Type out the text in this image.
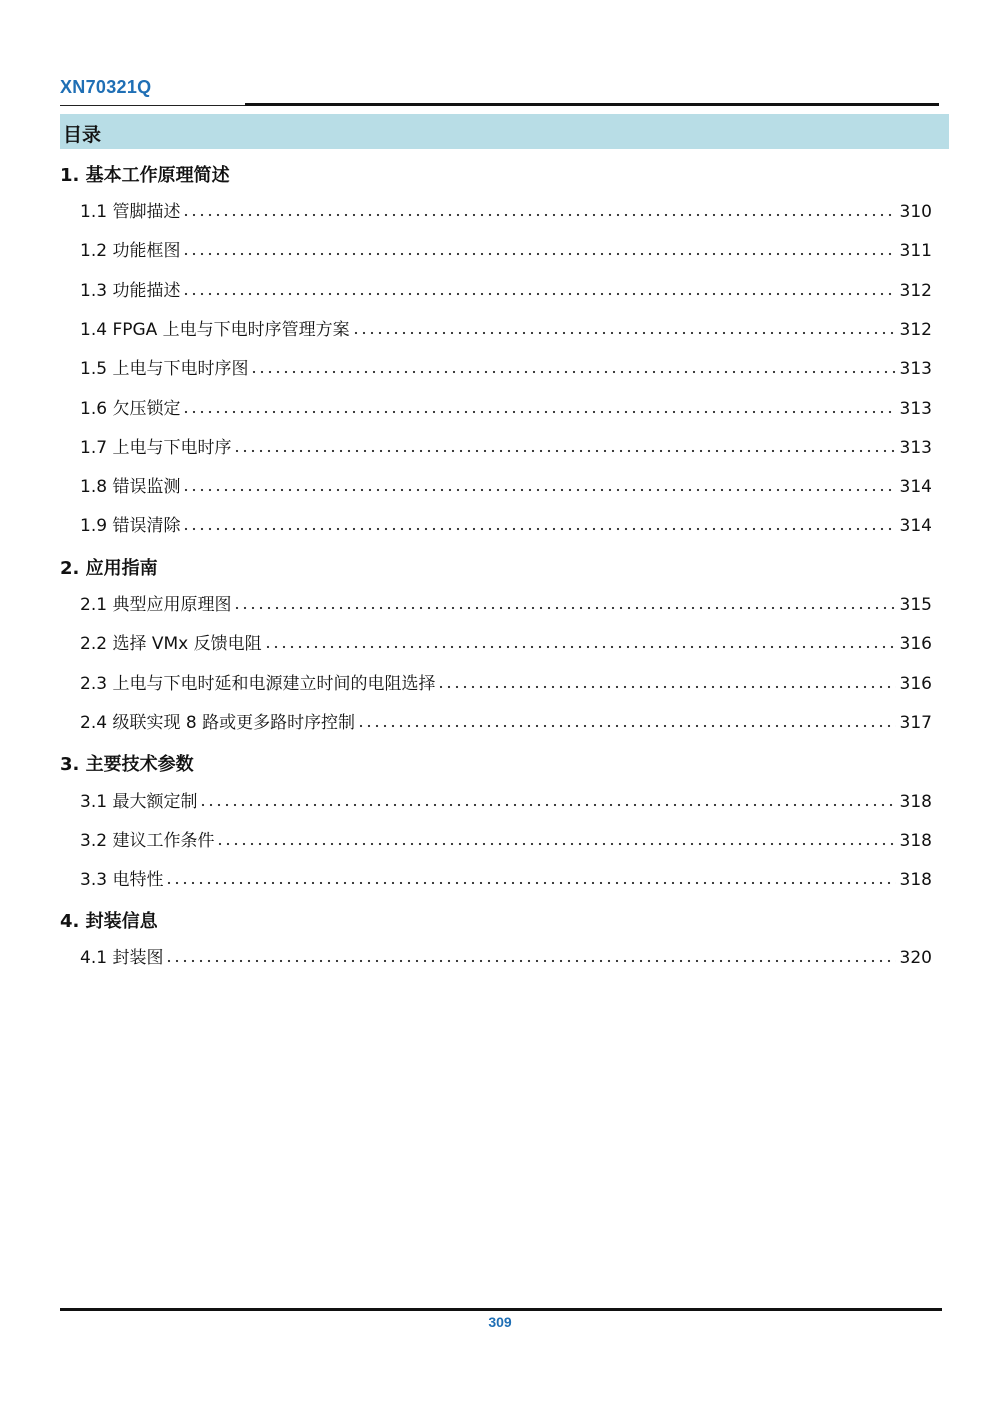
XN70321Q
目录
1. 基本工作原理简述
1.1 管脚描述	310
1.2 功能框图	311
1.3 功能描述	312
1.4 FPGA 上电与下电时序管理方案	312
1.5 上电与下电时序图	313
1.6 欠压锁定	313
1.7 上电与下电时序	313
1.8 错误监测	314
1.9 错误清除	314
2. 应用指南
2.1 典型应用原理图	315
2.2 选择 VMx 反馈电阻	316
2.3 上电与下电时延和电源建立时间的电阻选择	316
2.4 级联实现 8 路或更多路时序控制	317
3. 主要技术参数
3.1 最大额定制	318
3.2 建议工作条件	318
3.3 电特性	318
4. 封装信息
4.1 封装图	320
309
